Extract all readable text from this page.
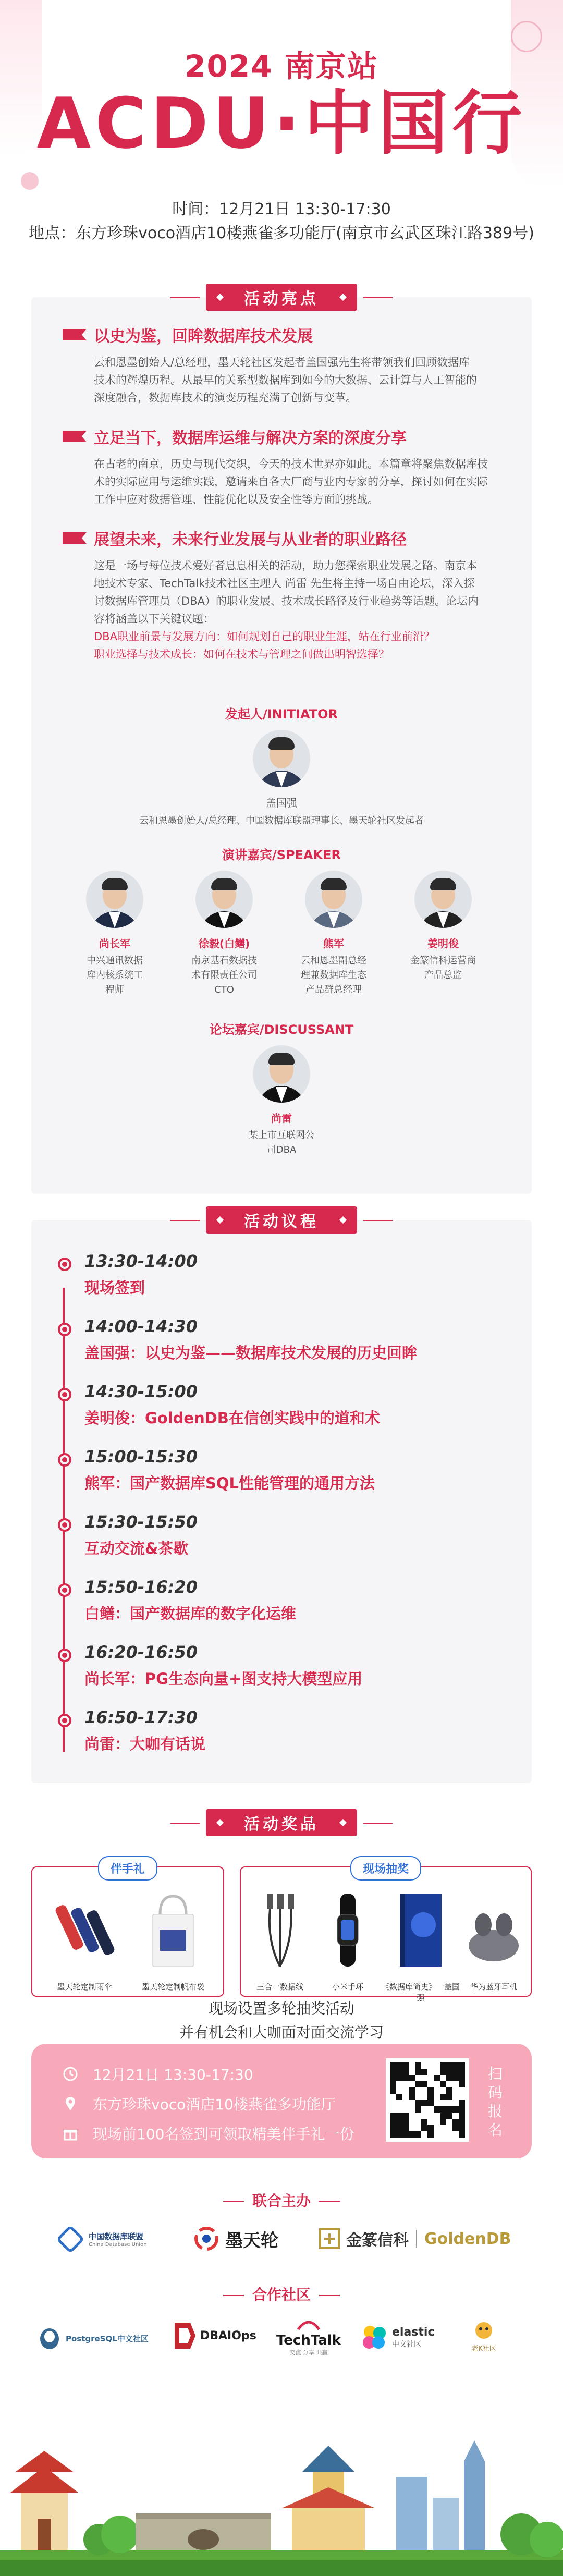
2024 南京站
ACDU·中国行
时间：12月21日 13:30-17:30
地点：东方珍珠voco酒店10楼燕雀多功能厅(南京市玄武区珠江路389号)
活动亮点
以史为鉴，回眸数据库技术发展
云和恩墨创始人/总经理，墨天轮社区发起者盖国强先生将带领我们回顾数据库
技术的辉煌历程。从最早的关系型数据库到如今的大数据、云计算与人工智能的
深度融合，数据库技术的演变历程充满了创新与变革。
立足当下，数据库运维与解决方案的深度分享
在古老的南京，历史与现代交织，今天的技术世界亦如此。本篇章将聚焦数据库技
术的实际应用与运维实践，邀请来自各大厂商与业内专家的分享，探讨如何在实际
工作中应对数据管理、性能优化以及安全性等方面的挑战。
展望未来，未来行业发展与从业者的职业路径
这是一场与每位技术爱好者息息相关的活动，助力您探索职业发展之路。南京本
地技术专家、TechTalk技术社区主理人 尚雷 先生将主持一场自由论坛，深入探
讨数据库管理员（DBA）的职业发展、技术成长路径及行业趋势等话题。论坛内
容将涵盖以下关键议题：
DBA职业前景与发展方向：如何规划自己的职业生涯，站在行业前沿？
职业选择与技术成长：如何在技术与管理之间做出明智选择？
发起人/INITIATOR
盖国强
云和恩墨创始人/总经理、中国数据库联盟理事长、墨天轮社区发起者
演讲嘉宾/SPEAKER
尚长军
中兴通讯数据
库内核系统工
程师
徐毅(白鳝)
南京基石数据技
术有限责任公司
CTO
熊军
云和恩墨副总经
理兼数据库生态
产品群总经理
姜明俊
金篆信科运营商
产品总监
论坛嘉宾/DISCUSSANT
尚雷
某上市互联网公
司DBA
活动议程
13:30-14:00
现场签到
14:00-14:30
盖国强：以史为鉴——数据库技术发展的历史回眸
14:30-15:00
姜明俊：GoldenDB在信创实践中的道和术
15:00-15:30
熊军：国产数据库SQL性能管理的通用方法
15:30-15:50
互动交流&茶歇
15:50-16:20
白鳝：国产数据库的数字化运维
16:20-16:50
尚长军：PG生态向量+图支持大模型应用
16:50-17:30
尚雷：大咖有话说
活动奖品
伴手礼
墨天轮定制雨伞	墨天轮定制帆布袋
现场抽奖
三合一数据线	小米手环	《数据库简史》一盖国强
华为蓝牙耳机
现场设置多轮抽奖活动
并有机会和大咖面对面交流学习
12月21日 13:30-17:30
东方珍珠voco酒店10楼燕雀多功能厅
现场前100名签到可领取精美伴手礼一份
扫码报名
联合主办
中国数据库联盟
China Database Union	墨天轮	金篆信科 GoldenDB
合作社区
PostgreSQL中文社区	DBAIOps TechTalk
交流 分享 共赢
elastic
中文社区
老K社区
